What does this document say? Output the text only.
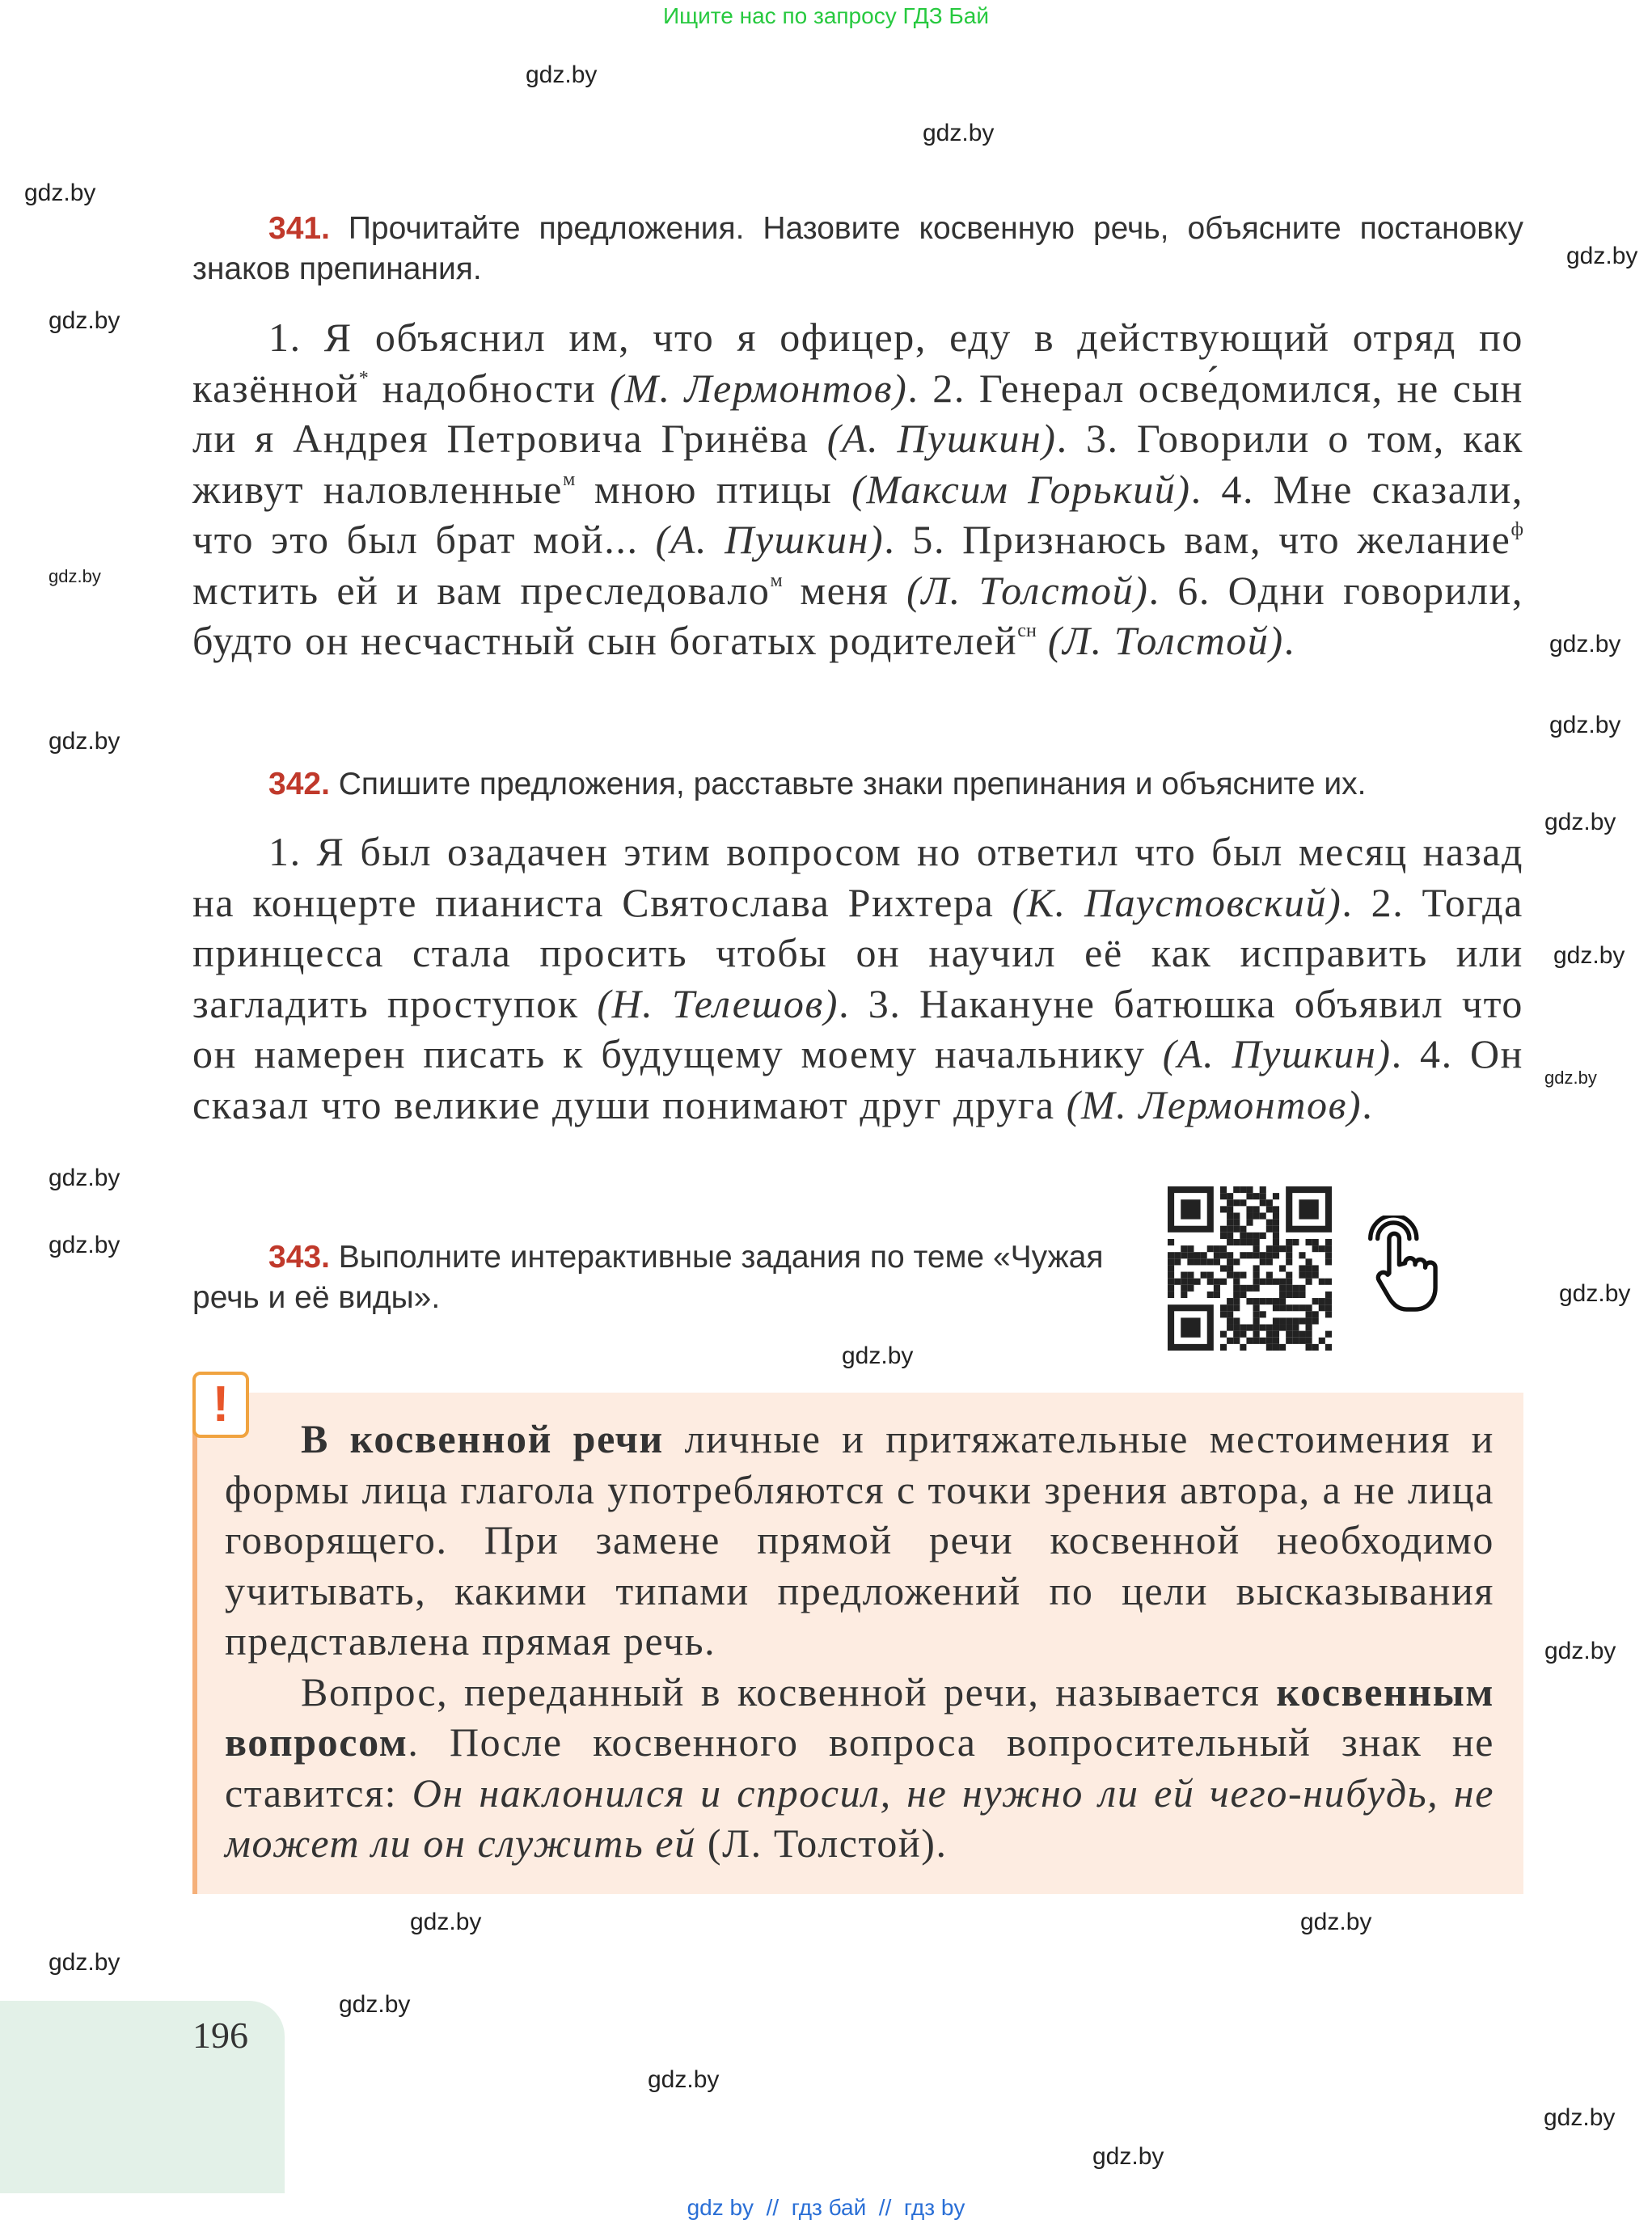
Ищите нас по запросу ГДЗ Бай
gdz.by
gdz.by
gdz.by
gdz.by
gdz.by
gdz.by
gdz.by
gdz.by
gdz.by
gdz.by
gdz.by
gdz.by
gdz.by
gdz.by
gdz.by
gdz.by
gdz.by
gdz.by
gdz.by
gdz.by
gdz.by
gdz.by
gdz.by
gdz.by

341. Прочитайте предложения. Назовите косвенную речь, объясните постановку знаков препинания.

1. Я объяснил им, что я офицер, еду в действующий отряд по казённой* надобности (М. Лермонтов). 2. Генерал осве́домился, не сын ли я Андрея Петровича Гринёва (А. Пушкин). 3. Говорили о том, как живут наловленные$^м$ мною птицы (Максим Горький). 4. Мне сказали, что это был брат мой... (А. Пушкин). 5. Признаюсь вам, что желание$^ф$ мстить ей и вам преследовало$^м$ меня (Л. Толстой). 6. Одни говорили, будто он несчастный сын богатых родителей$^{сн}$ (Л. Толстой).

342. Спишите предложения, расставьте знаки препинания и объясните их.

1. Я был озадачен этим вопросом но ответил что был месяц назад на концерте пианиста Святослава Рихтера (К. Паустовский). 2. Тогда принцесса стала просить чтобы он научил её как исправить или загладить проступок (Н. Телешов). 3. Накануне батюшка объявил что он намерен писать к будущему моему начальнику (А. Пушкин). 4. Он сказал что великие души понимают друг друга (М. Лермонтов).

343. Выполните интерактивные задания по теме «Чужая речь и её виды».

!

В косвенной речи личные и притяжательные местоимения и формы лица глагола употребляются с точки зрения автора, а не лица говорящего. При замене прямой речи косвенной необходимо учитывать, какими типами предложений по цели высказывания представлена прямая речь.

Вопрос, переданный в косвенной речи, называется косвенным вопросом. После косвенного вопроса вопросительный знак не ставится: Он наклонился и спросил, не нужно ли ей чего-нибудь, не может ли он служить ей (Л. Толстой).

196
gdz by  //  гдз бай  //  гдз by
